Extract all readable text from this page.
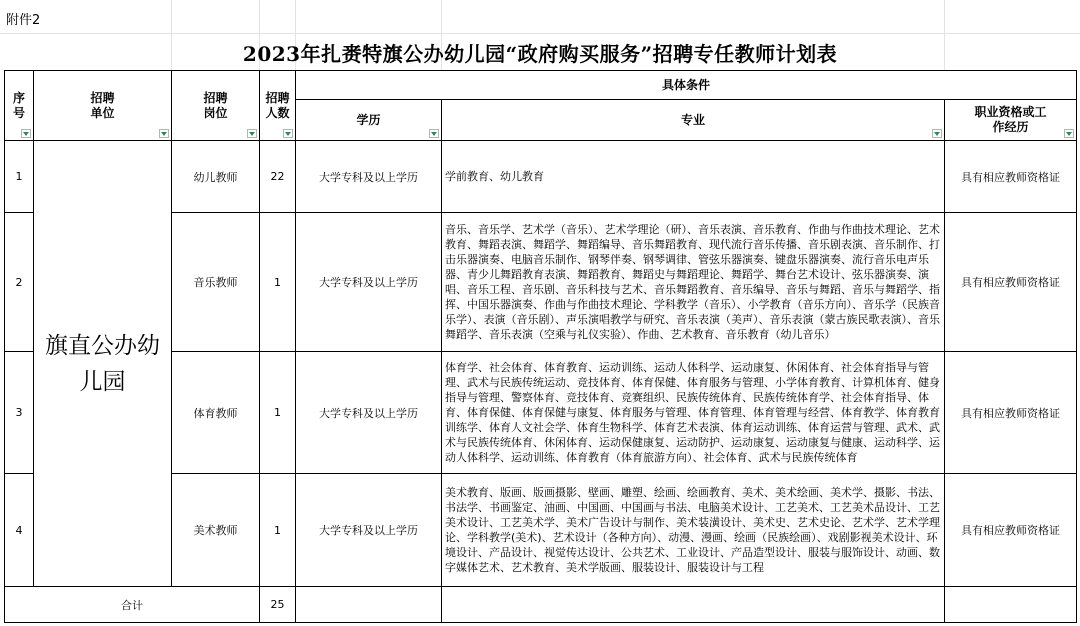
附件2
2023年扎赉特旗公办幼儿园“政府购买服务”招聘专任教师计划表
序号	招聘单位	招聘岗位	招聘人数	具体条件		
				学历	专业	职业资格或工作经历

1	旗直公办幼儿园	幼儿教师	22	大学专科及以上学历	学前教育、幼儿教育	具有相应教师资格证
2		音乐教师	1	大学专科及以上学历	音乐、音乐学、艺术学（音乐）、艺术学理论（研）、音乐表演、音乐教育、作曲与作曲技术理论、艺术教育、舞蹈表演、舞蹈学、舞蹈编导、音乐舞蹈教育、现代流行音乐传播、音乐剧表演、音乐制作、打击乐器演奏、电脑音乐制作、钢琴伴奏、钢琴调律、管弦乐器演奏、键盘乐器演奏、流行音乐电声乐器、青少儿舞蹈教育表演、舞蹈教育、舞蹈史与舞蹈理论、舞蹈学、舞台艺术设计、弦乐器演奏、演唱、音乐工程、音乐剧、音乐科技与艺术、音乐舞蹈教育、音乐编导、音乐与舞蹈、音乐与舞蹈学、指挥、中国乐器演奏、作曲与作曲技术理论、学科教学（音乐）、小学教育（音乐方向）、音乐学（民族音乐学）、表演（音乐剧）、声乐演唱教学与研究、音乐表演（美声）、音乐表演（蒙古族民歌表演）、音乐舞蹈学、音乐表演（空乘与礼仪实验）、作曲、艺术教育、音乐教育（幼儿音乐）	具有相应教师资格证
3		体育教师	1	大学专科及以上学历	体育学、社会体育、体育教育、运动训练、运动人体科学、运动康复、休闲体育、社会体育指导与管理、武术与民族传统运动、竞技体育、体育保健、体育服务与管理、小学体育教育、计算机体育、健身指导与管理、警察体育、竞技体育、竞赛组织、民族传统体育、民族传统体育学、社会体育指导、体育、体育保健、体育保健与康复、体育服务与管理、体育管理、体育管理与经营、体育教学、体育教育训练学、体育人文社会学、体育生物科学、体育艺术表演、体育运动训练、体育运营与管理、武术、武术与民族传统体育、休闲体育、运动保健康复、运动防护、运动康复、运动康复与健康、运动科学、运动人体科学、运动训练、体育教育（体育旅游方向）、社会体育、武术与民族传统体育	具有相应教师资格证
4		美术教师	1	大学专科及以上学历	美术教育、版画、版画摄影、壁画、雕塑、绘画、绘画教育、美术、美术绘画、美术学、摄影、书法、书法学、书画鉴定、油画、中国画、中国画与书法、电脑美术设计、工艺美术、工艺美术品设计、工艺美术设计、工艺美术学、美术广告设计与制作、美术装潢设计、美术史、艺术史论、艺术学、艺术学理论、学科教学(美术)、艺术设计（各种方向）、动漫、漫画、绘画（民族绘画）、戏剧影视美术设计、环境设计、产品设计、视觉传达设计、公共艺术、工业设计、产品造型设计、服装与服饰设计、动画、数字媒体艺术、艺术教育、美术学版画、服装设计、服装设计与工程	具有相应教师资格证
合计			25			
